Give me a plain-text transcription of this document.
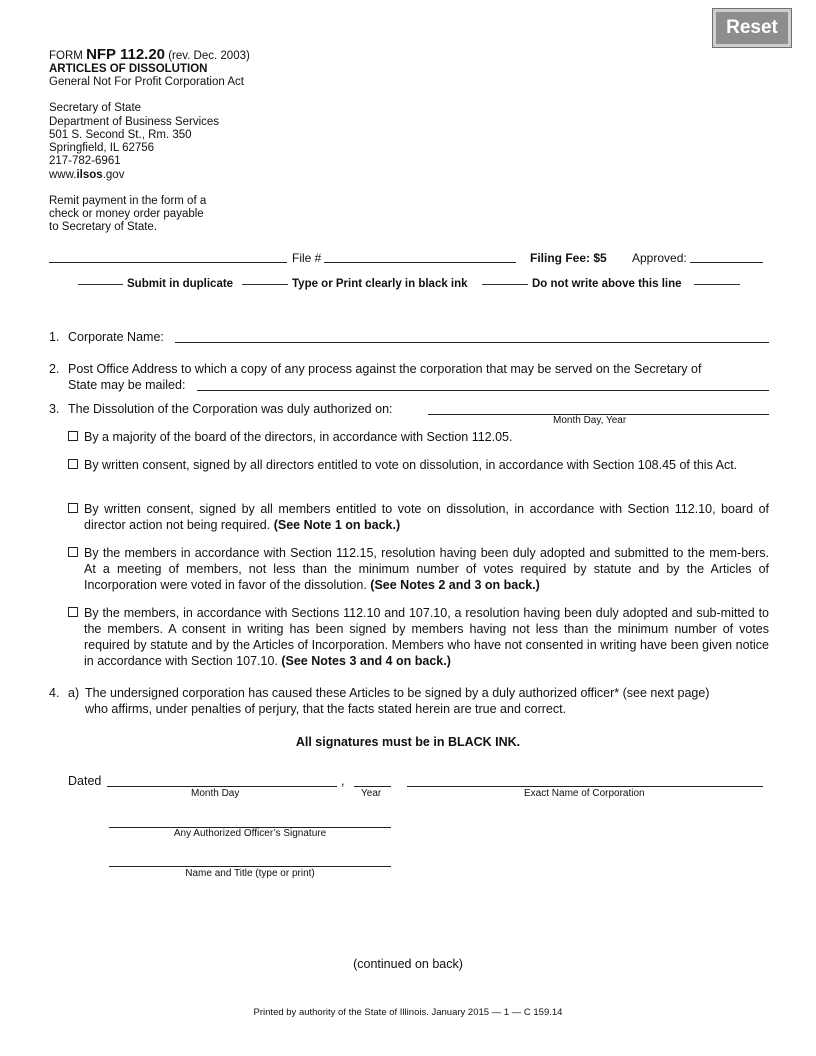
Reset
FORM NFP 112.20 (rev. Dec. 2003)
ARTICLES OF DISSOLUTION
General Not For Profit Corporation Act
Secretary of State
Department of Business Services
501 S. Second St., Rm. 350
Springfield, IL 62756
217-782-6961
www.ilsos.gov
Remit payment in the form of a
check or money order payable
to Secretary of State.
File #	Filing Fee: $5 Approved:
Submit in duplicate	Type or Print clearly in black ink	Do not write above this line
1. Corporate Name:
2. Post Office Address to which a copy of any process against the corporation that may be served on the Secretary of
State may be mailed:
3. The Dissolution of the Corporation was duly authorized on:
Month Day, Year
By a majority of the board of the directors, in accordance with Section 112.05.
By written consent, signed by all directors entitled to vote on dissolution, in accordance with Section 108.45 of this Act.
By written consent, signed by all members entitled to vote on dissolution, in accordance with Section 112.10, board of director action not being required. (See Note 1 on back.)
By the members in accordance with Section 112.15, resolution having been duly adopted and submitted to the mem-bers. At a meeting of members, not less than the minimum number of votes required by statute and by the Articles of Incorporation were voted in favor of the dissolution. (See Notes 2 and 3 on back.)
By the members, in accordance with Sections 112.10 and 107.10, a resolution having been duly adopted and sub-mitted to the members. A consent in writing has been signed by members having not less than the minimum number of votes required by statute and by the Articles of Incorporation. Members who have not consented in writing have been given notice in accordance with Section 107.10. (See Notes 3 and 4 on back.)
4. a) The undersigned corporation has caused these Articles to be signed by a duly authorized officer* (see next page)
who affirms, under penalties of perjury, that the facts stated herein are true and correct.
All signatures must be in BLACK INK.
Dated	,
Month Day	Year	Exact Name of Corporation
Any Authorized Officer’s Signature
Name and Title (type or print)
(continued on back)
Printed by authority of the State of Illinois. January 2015 — 1 — C 159.14
